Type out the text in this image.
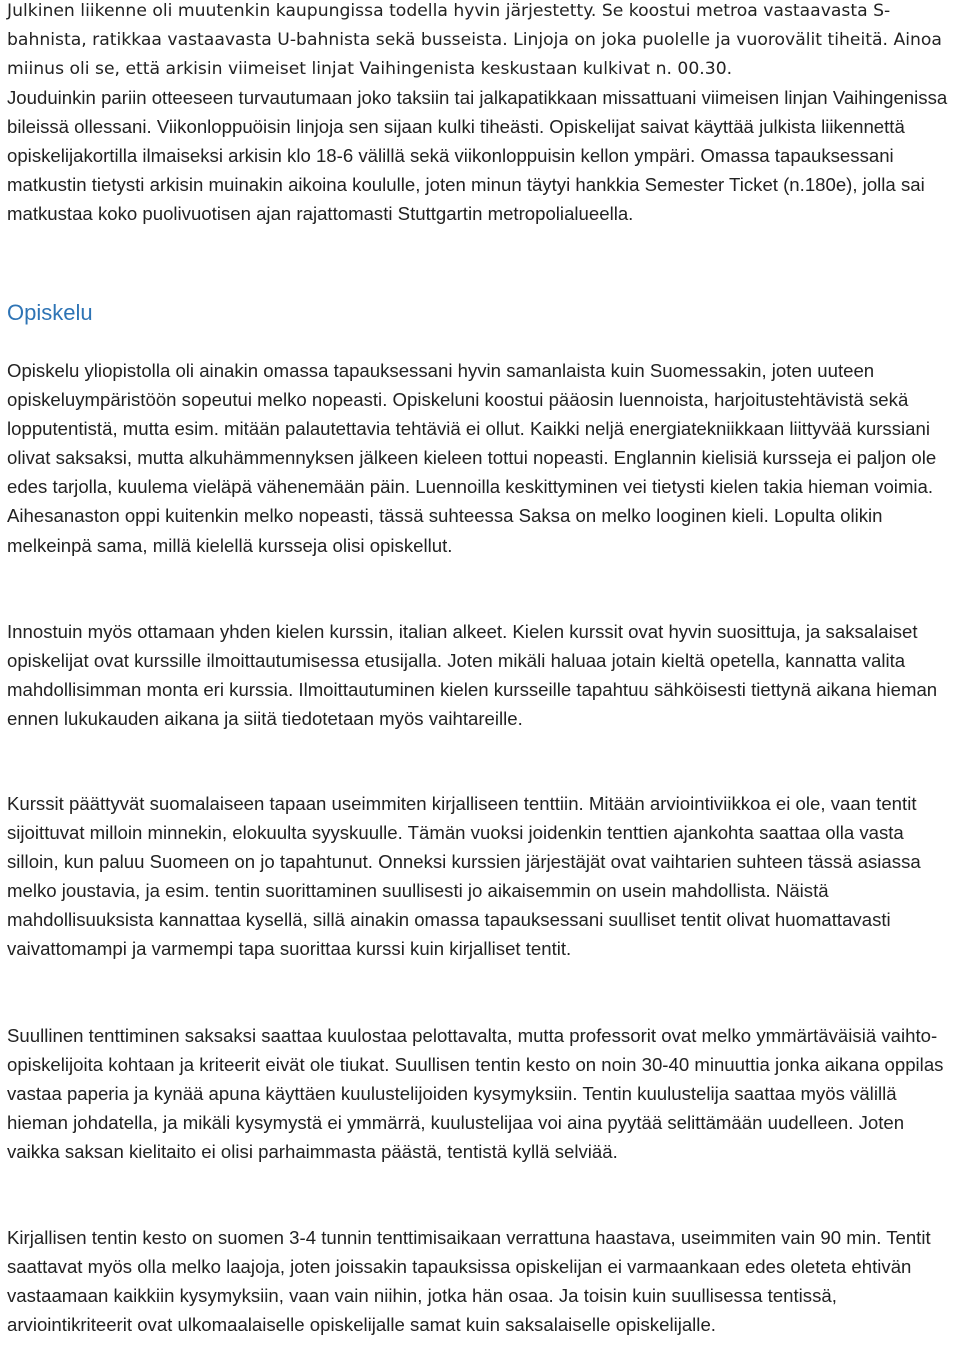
Julkinen liikenne oli muutenkin kaupungissa todella hyvin järjestetty. Se koostui metroa vastaavasta S-bahnista, ratikkaa vastaavasta U-bahnista sekä busseista. Linjoja on joka puolelle ja vuorovälit tiheitä. Ainoa miinus oli se, että arkisin viimeiset linjat Vaihingenista keskustaan kulkivat n. 00.30.

Jouduinkin pariin otteeseen turvautumaan joko taksiin tai jalkapatikkaan missattuani viimeisen linjan Vaihingenissa bileissä ollessani. Viikonloppuöisin linjoja sen sijaan kulki tiheästi. Opiskelijat saivat käyttää julkista liikennettä opiskelijakortilla ilmaiseksi arkisin klo 18-6 välillä sekä viikonloppuisin kellon ympäri. Omassa tapauksessani matkustin tietysti arkisin muinakin aikoina koululle, joten minun täytyi hankkia Semester Ticket (n.180e), jolla sai matkustaa koko puolivuotisen ajan rajattomasti Stuttgartin metropolialueella.

Opiskelu

Opiskelu yliopistolla oli ainakin omassa tapauksessani hyvin samanlaista kuin Suomessakin, joten uuteen opiskeluympäristöön sopeutui melko nopeasti. Opiskeluni koostui pääosin luennoista, harjoitustehtävistä sekä lopputentistä, mutta esim. mitään palautettavia tehtäviä ei ollut. Kaikki neljä energiatekniikkaan liittyvää kurssiani olivat saksaksi, mutta alkuhämmennyksen jälkeen kieleen tottui nopeasti. Englannin kielisiä kursseja ei paljon ole edes tarjolla, kuulema vieläpä vähenemään päin. Luennoilla keskittyminen vei tietysti kielen takia hieman voimia. Aihesanaston oppi kuitenkin melko nopeasti, tässä suhteessa Saksa on melko looginen kieli. Lopulta olikin melkeinpä sama, millä kielellä kursseja olisi opiskellut.

Innostuin myös ottamaan yhden kielen kurssin, italian alkeet. Kielen kurssit ovat hyvin suosittuja, ja saksalaiset opiskelijat ovat kurssille ilmoittautumisessa etusijalla. Joten mikäli haluaa jotain kieltä opetella, kannatta valita mahdollisimman monta eri kurssia. Ilmoittautuminen kielen kursseille tapahtuu sähköisesti tiettynä aikana hieman ennen lukukauden aikana ja siitä tiedotetaan myös vaihtareille.

Kurssit päättyvät suomalaiseen tapaan useimmiten kirjalliseen tenttiin. Mitään arviointiviikkoa ei ole, vaan tentit sijoittuvat milloin minnekin, elokuulta syyskuulle. Tämän vuoksi joidenkin tenttien ajankohta saattaa olla vasta silloin, kun paluu Suomeen on jo tapahtunut. Onneksi kurssien järjestäjät ovat vaihtarien suhteen tässä asiassa melko joustavia, ja esim. tentin suorittaminen suullisesti jo aikaisemmin on usein mahdollista. Näistä mahdollisuuksista kannattaa kysellä, sillä ainakin omassa tapauksessani suulliset tentit olivat huomattavasti vaivattomampi ja varmempi tapa suorittaa kurssi kuin kirjalliset tentit.

Suullinen tenttiminen saksaksi saattaa kuulostaa pelottavalta, mutta professorit ovat melko ymmärtäväisiä vaihto-opiskelijoita kohtaan ja kriteerit eivät ole tiukat. Suullisen tentin kesto on noin 30-40 minuuttia jonka aikana oppilas vastaa paperia ja kynää apuna käyttäen kuulustelijoiden kysymyksiin. Tentin kuulustelija saattaa myös välillä hieman johdatella, ja mikäli kysymystä ei ymmärrä, kuulustelijaa voi aina pyytää selittämään uudelleen. Joten vaikka saksan kielitaito ei olisi parhaimmasta päästä, tentistä kyllä selviää.

Kirjallisen tentin kesto on suomen 3-4 tunnin tenttimisaikaan verrattuna haastava, useimmiten vain 90 min. Tentit saattavat myös olla melko laajoja, joten joissakin tapauksissa opiskelijan ei varmaankaan edes oleteta ehtivän vastaamaan kaikkiin kysymyksiin, vaan vain niihin, jotka hän osaa. Ja toisin kuin suullisessa tentissä, arviointikriteerit ovat ulkomaalaiselle opiskelijalle samat kuin saksalaiselle opiskelijalle.
